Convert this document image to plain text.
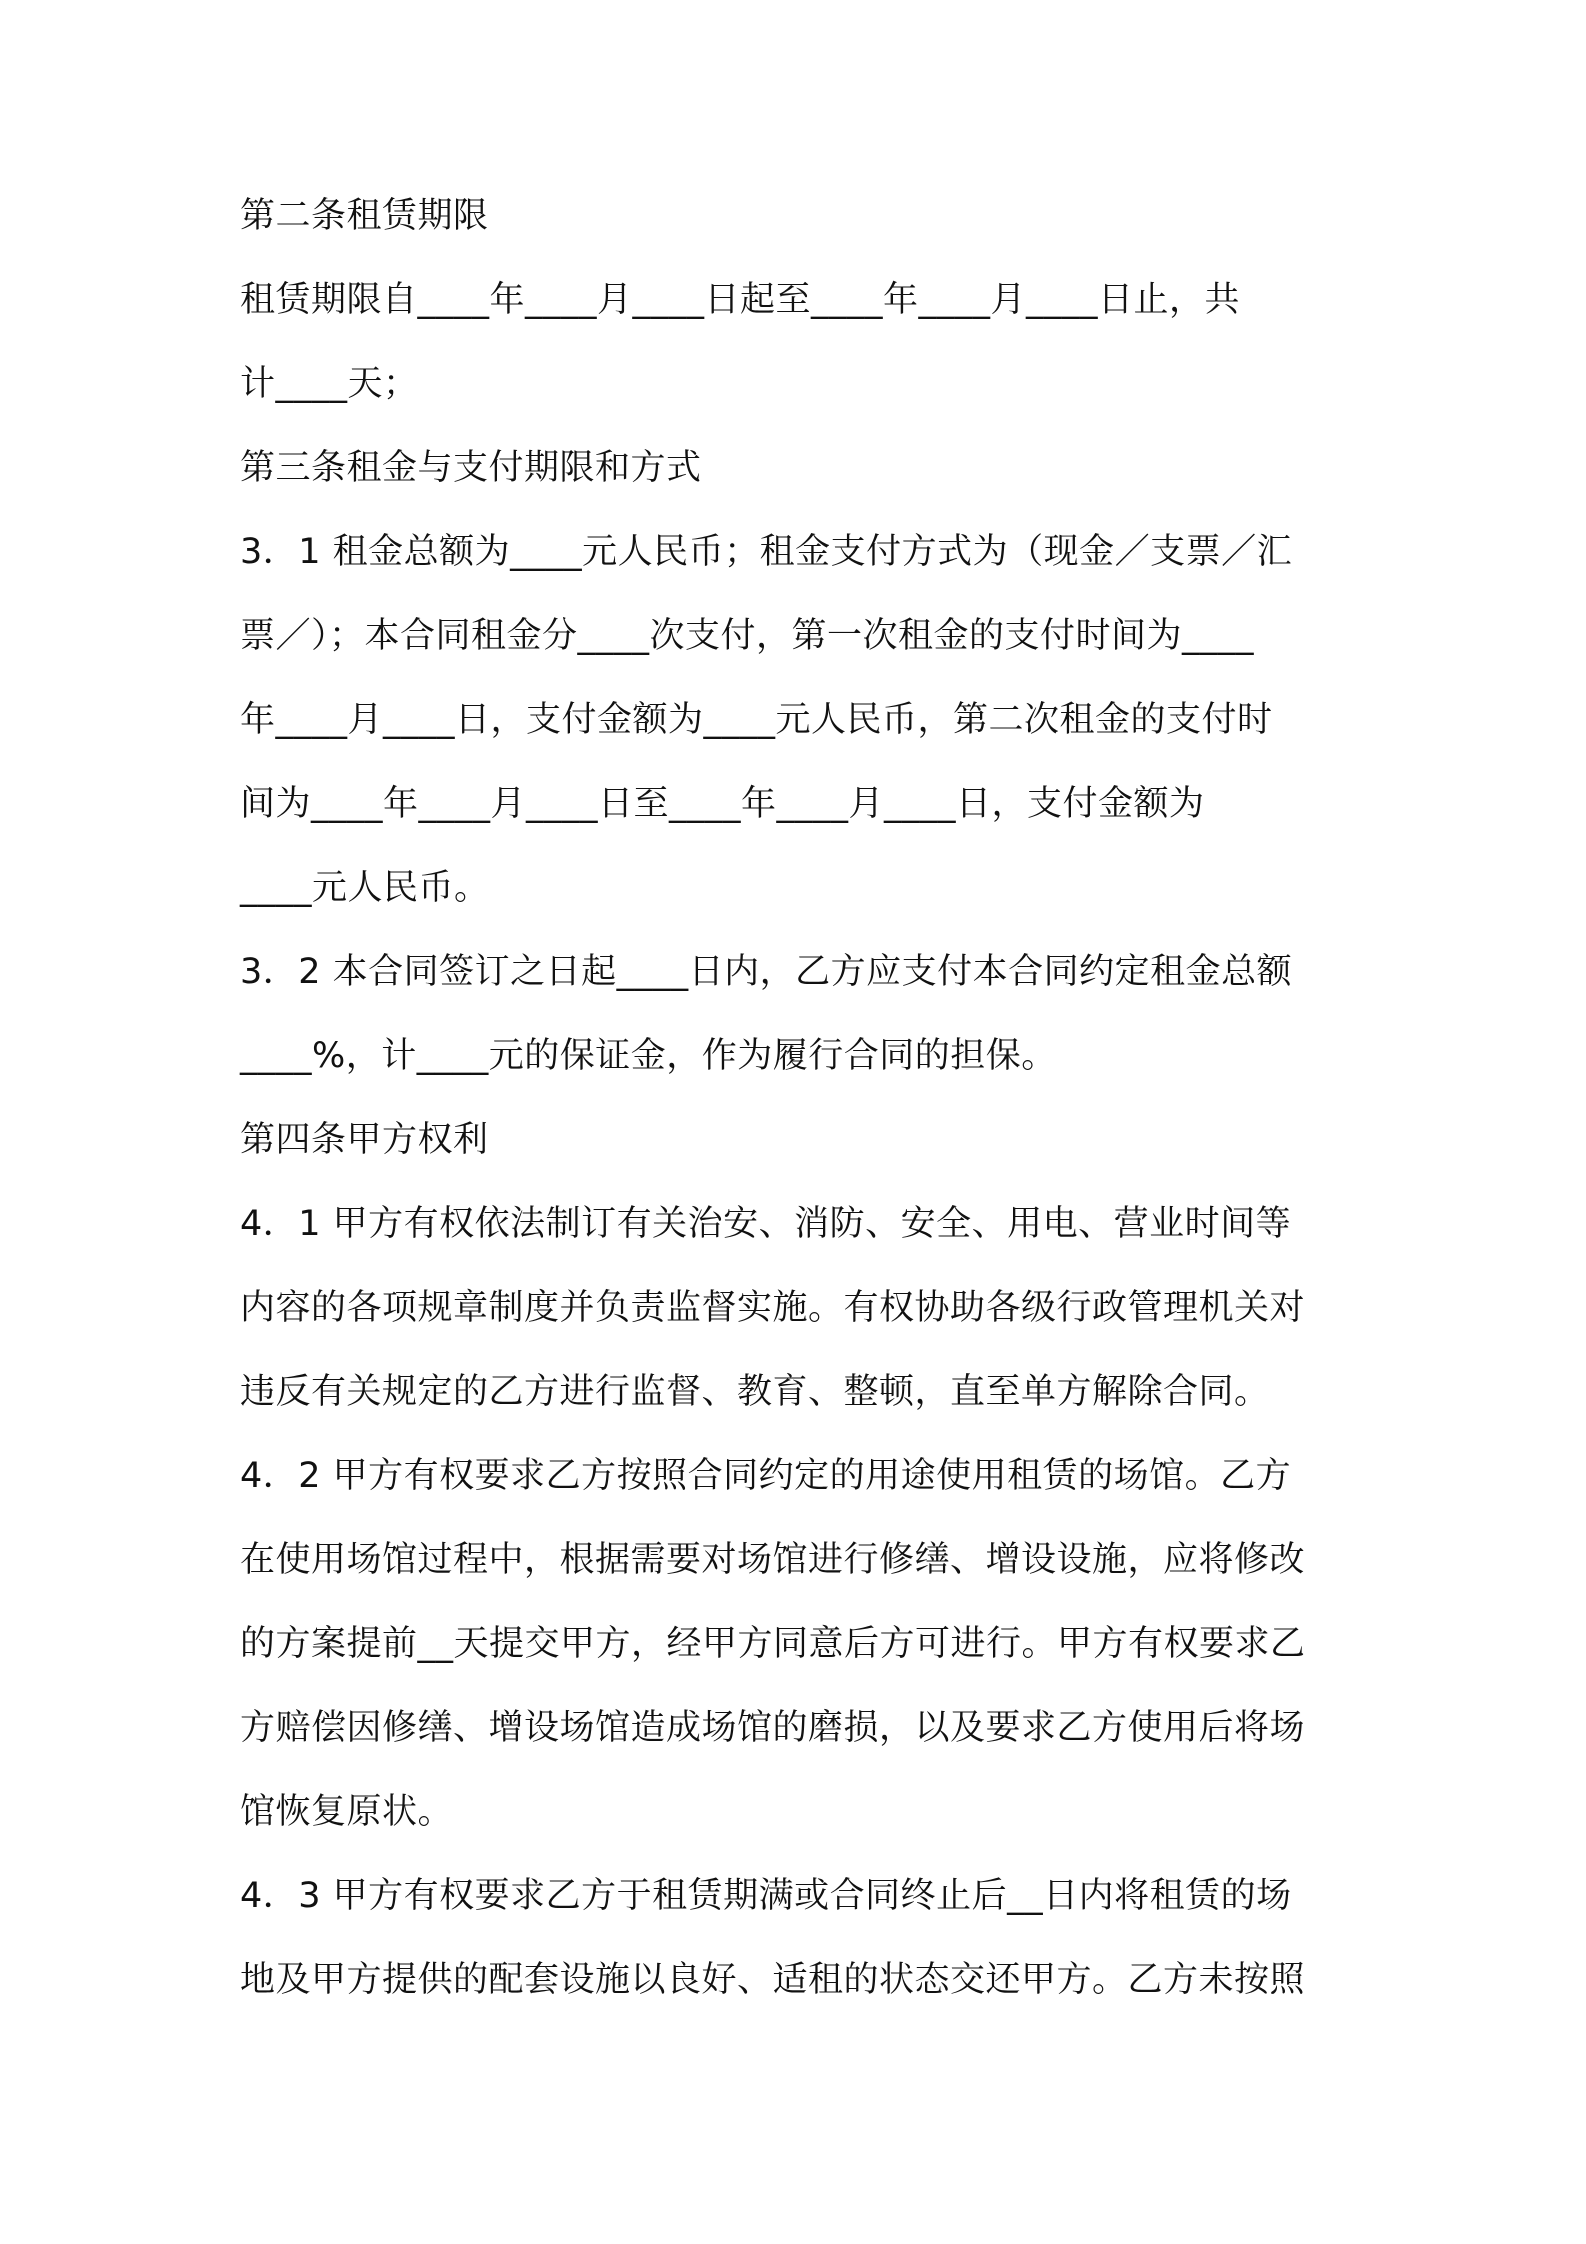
第二条租赁期限
租赁期限自____年____月____日起至____年____月____日止，共
计____天；
第三条租金与支付期限和方式
3．1 租金总额为____元人民币；租金支付方式为（现金／支票／汇
票／）；本合同租金分____次支付，第一次租金的支付时间为____
年____月____日，支付金额为____元人民币，第二次租金的支付时
间为____年____月____日至____年____月____日，支付金额为
____元人民币。
3．2 本合同签订之日起____日内，乙方应支付本合同约定租金总额
____%，计____元的保证金，作为履行合同的担保。
第四条甲方权利
4．1 甲方有权依法制订有关治安、消防、安全、用电、营业时间等
内容的各项规章制度并负责监督实施。有权协助各级行政管理机关对
违反有关规定的乙方进行监督、教育、整顿，直至单方解除合同。
4．2 甲方有权要求乙方按照合同约定的用途使用租赁的场馆。乙方
在使用场馆过程中，根据需要对场馆进行修缮、增设设施，应将修改
的方案提前__天提交甲方，经甲方同意后方可进行。甲方有权要求乙
方赔偿因修缮、增设场馆造成场馆的磨损，以及要求乙方使用后将场
馆恢复原状。
4．3 甲方有权要求乙方于租赁期满或合同终止后__日内将租赁的场
地及甲方提供的配套设施以良好、适租的状态交还甲方。乙方未按照
